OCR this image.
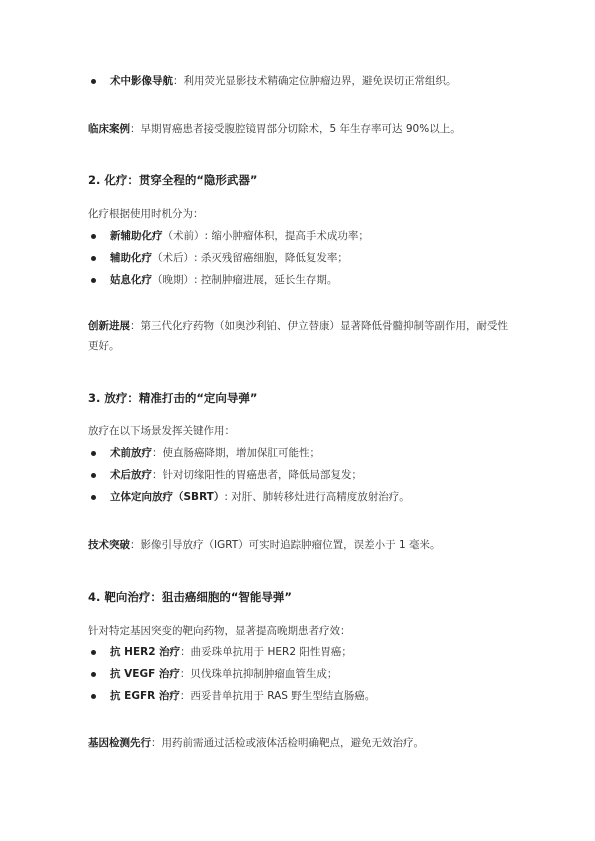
术中影像导航：利用荧光显影技术精确定位肿瘤边界，避免误切正常组织。
临床案例：早期胃癌患者接受腹腔镜胃部分切除术，5 年生存率可达 90%以上。
2. 化疗：贯穿全程的“隐形武器”
化疗根据使用时机分为：
新辅助化疗（术前）: 缩小肿瘤体积，提高手术成功率；
辅助化疗（术后）: 杀灭残留癌细胞，降低复发率；
姑息化疗（晚期）: 控制肿瘤进展，延长生存期。
创新进展：第三代化疗药物（如奥沙利铂、伊立替康）显著降低骨髓抑制等副作用，耐受性更好。
3. 放疗：精准打击的“定向导弹”
放疗在以下场景发挥关键作用：
术前放疗：使直肠癌降期，增加保肛可能性；
术后放疗：针对切缘阳性的胃癌患者，降低局部复发；
立体定向放疗（SBRT）: 对肝、肺转移灶进行高精度放射治疗。
技术突破：影像引导放疗（IGRT）可实时追踪肿瘤位置，误差小于 1 毫米。
4. 靶向治疗：狙击癌细胞的“智能导弹”
针对特定基因突变的靶向药物，显著提高晚期患者疗效：
抗 HER2 治疗：曲妥珠单抗用于 HER2 阳性胃癌；
抗 VEGF 治疗：贝伐珠单抗抑制肿瘤血管生成；
抗 EGFR 治疗：西妥昔单抗用于 RAS 野生型结直肠癌。
基因检测先行：用药前需通过活检或液体活检明确靶点，避免无效治疗。
